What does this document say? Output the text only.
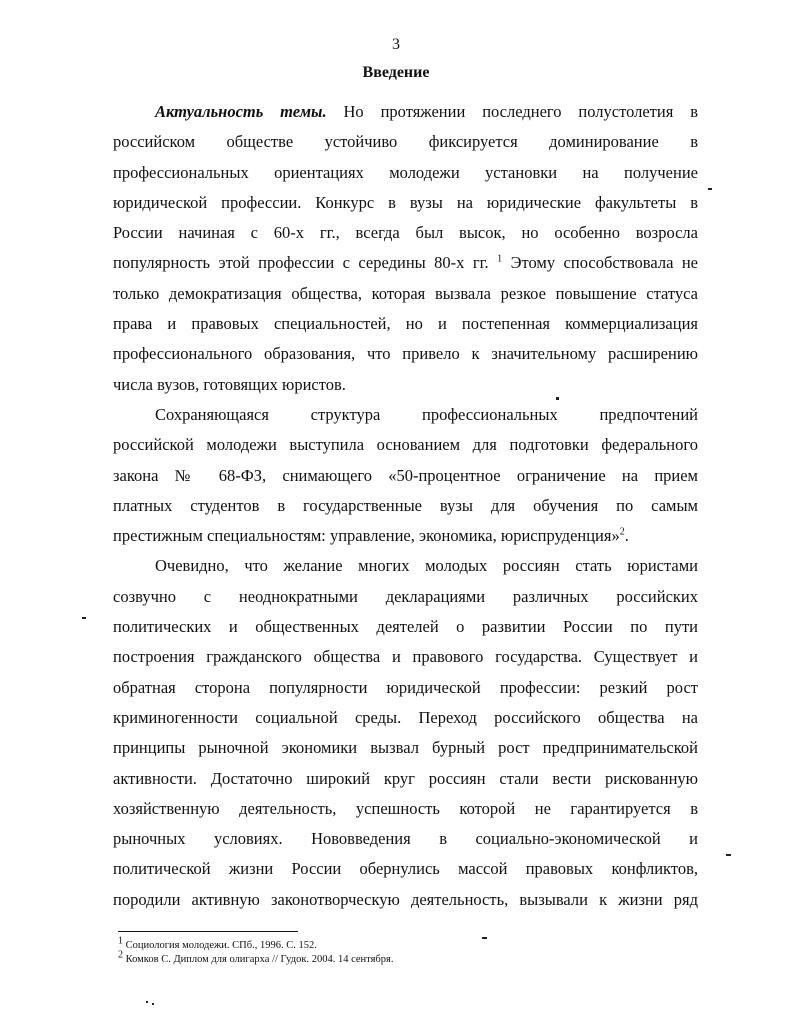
3
Введение
Актуальность темы. Но протяжении последнего полустолетия в
российском обществе устойчиво фиксируется доминирование в
профессиональных ориентациях молодежи установки на получение
юридической профессии. Конкурс в вузы на юридические факультеты в
России начиная с 60-х гг., всегда был высок, но особенно возросла
популярность этой профессии с середины 80-х гг. $^1$ Этому способствовала не
только демократизация общества, которая вызвала резкое повышение статуса
права и правовых специальностей, но и постепенная коммерциализация
профессионального образования, что привело к значительному расширению
числа вузов, готовящих юристов.
Сохраняющаяся структура профессиональных предпочтений
российской молодежи выступила основанием для подготовки федерального
закона № 68-ФЗ, снимающего «50-процентное ограничение на прием
платных студентов в государственные вузы для обучения по самым
престижным специальностям: управление, экономика, юриспруденция»$^2$.
Очевидно, что желание многих молодых россиян стать юристами
созвучно с неоднократными декларациями различных российских
политических и общественных деятелей о развитии России по пути
построения гражданского общества и правового государства. Существует и
обратная сторона популярности юридической профессии: резкий рост
криминогенности социальной среды. Переход российского общества на
принципы рыночной экономики вызвал бурный рост предпринимательской
активности. Достаточно широкий круг россиян стали вести рискованную
хозяйственную деятельность, успешность которой не гарантируется в
рыночных условиях. Нововведения в социально-экономической и
политической жизни России обернулись массой правовых конфликтов,
породили активную законотворческую деятельность, вызывали к жизни ряд
$^1$ Социология молодежи. СПб., 1996. С. 152.
$^2$ Комков С. Диплом для олигарха // Гудок. 2004. 14 сентября.
